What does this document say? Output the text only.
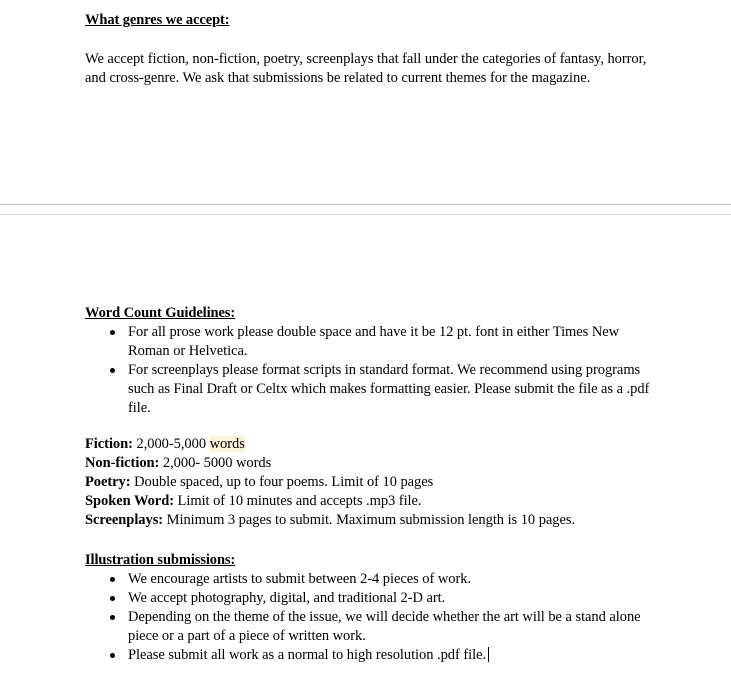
What genres we accept:
We accept fiction, non-fiction, poetry, screenplays that fall under the categories of fantasy, horror, and cross-genre. We ask that submissions be related to current themes for the magazine.
Word Count Guidelines:
For all prose work please double space and have it be 12 pt. font in either Times New Roman or Helvetica.
For screenplays please format scripts in standard format. We recommend using programs such as Final Draft or Celtx which makes formatting easier. Please submit the file as a .pdf file.
Fiction: 2,000-5,000 words
Non-fiction: 2,000- 5000 words
Poetry: Double spaced, up to four poems. Limit of 10 pages
Spoken Word: Limit of 10 minutes and accepts .mp3 file.
Screenplays: Minimum 3 pages to submit. Maximum submission length is 10 pages.
Illustration submissions:
We encourage artists to submit between 2-4 pieces of work.
We accept photography, digital, and traditional 2-D art.
Depending on the theme of the issue, we will decide whether the art will be a stand alone piece or a part of a piece of written work.
Please submit all work as a normal to high resolution .pdf file.
